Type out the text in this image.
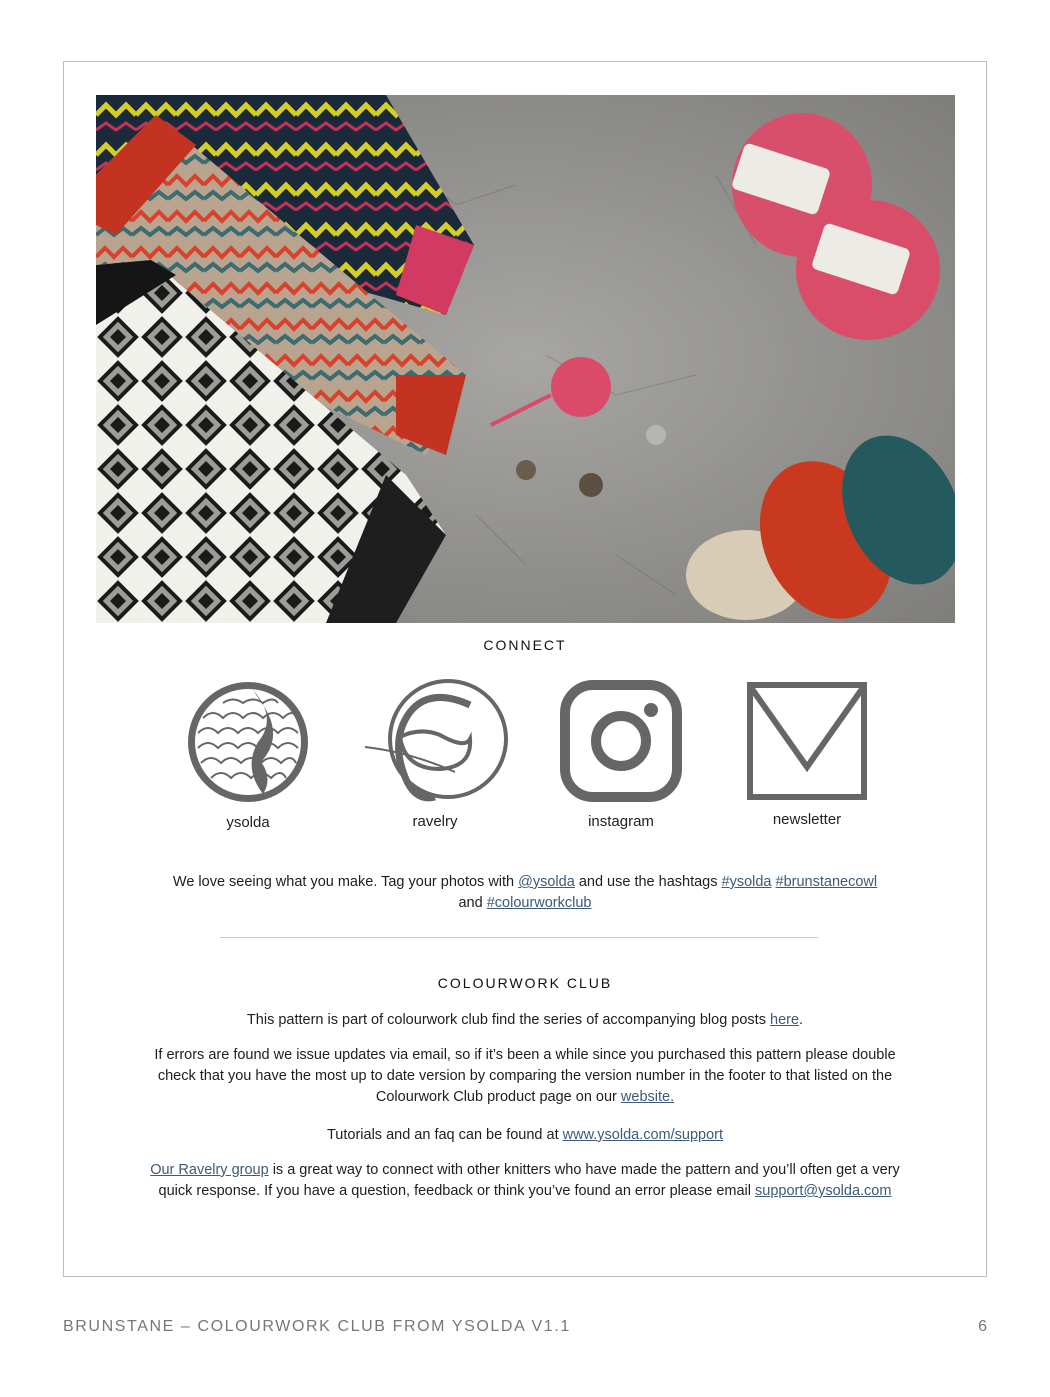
CONNECT
ysolda	ravelry	instagram	newsletter
We love seeing what you make. Tag your photos with @ysolda and use the hashtags #ysolda #brunstanecowl
and #colourworkclub
COLOURWORK CLUB
This pattern is part of colourwork club find the series of accompanying blog posts here.
If errors are found we issue updates via email, so if it’s been a while since you purchased this pattern please double
check that you have the most up to date version by comparing the version number in the footer to that listed on the
Colourwork Club product page on our website.
Tutorials and an faq can be found at www.ysolda.com/support
Our Ravelry group is a great way to connect with other knitters who have made the pattern and you’ll often get a very
quick response. If you have a question, feedback or think you’ve found an error please email support@ysolda.com
BRUNSTANE – COLOURWORK CLUB FROM YSOLDA V1.1	6
